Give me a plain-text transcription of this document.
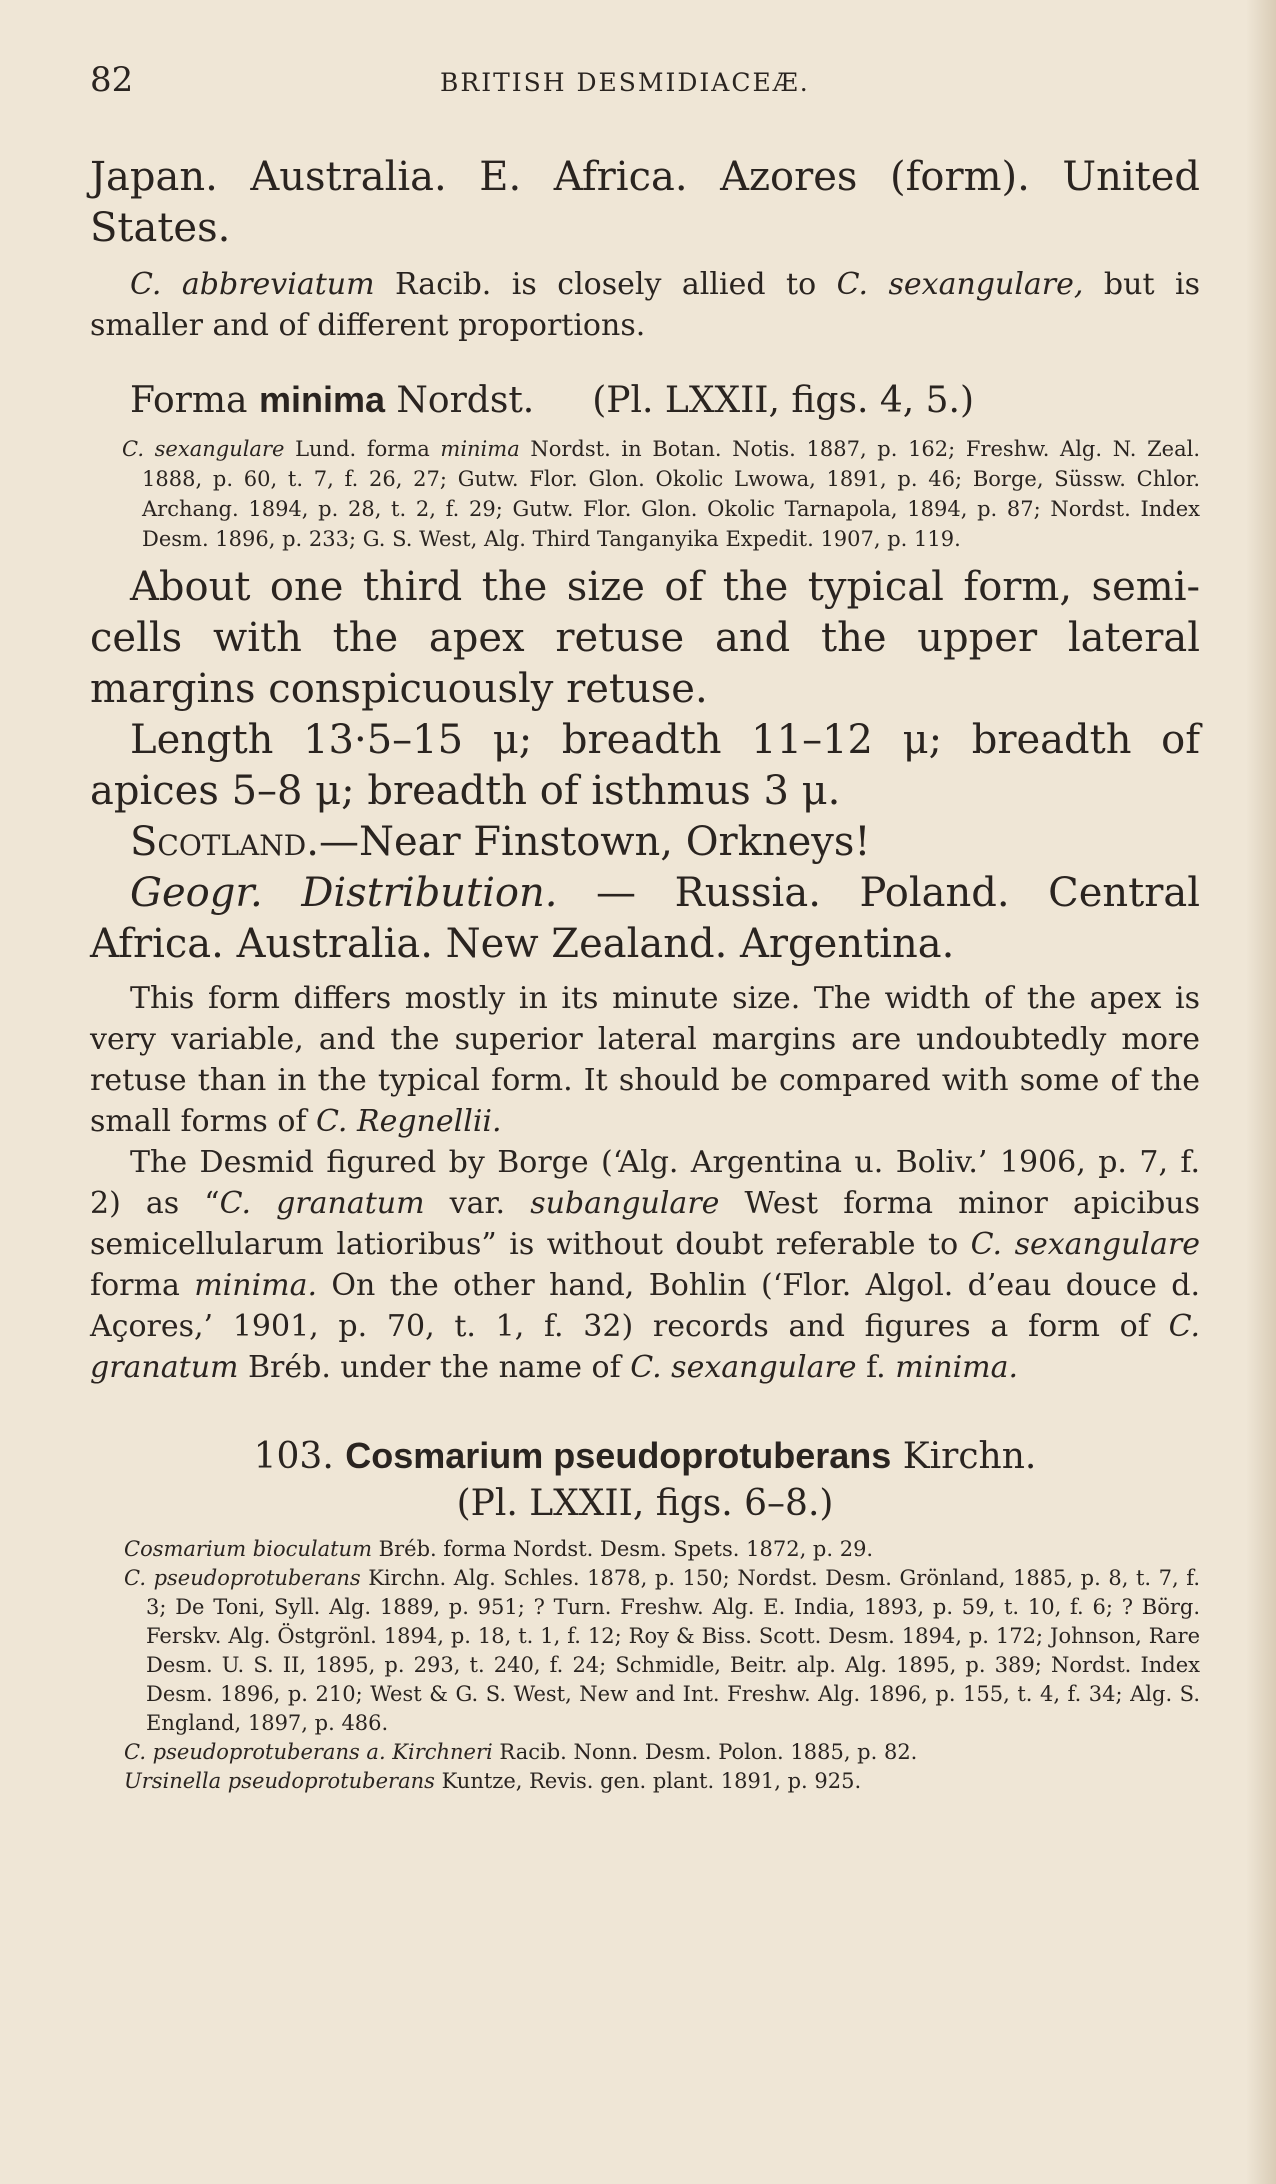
82	BRITISH DESMIDIACEÆ.

Japan. Australia. E. Africa. Azores (form). United States.

C. abbreviatum Racib. is closely allied to C. sexangulare, but is smaller and of different proportions.

Forma minima Nordst. (Pl. LXXII, figs. 4, 5.)

C. sexangulare Lund. forma minima Nordst. in Botan. Notis. 1887, p. 162; Freshw. Alg. N. Zeal. 1888, p. 60, t. 7, f. 26, 27; Gutw. Flor. Glon. Okolic Lwowa, 1891, p. 46; Borge, Süssw. Chlor. Archang. 1894, p. 28, t. 2, f. 29; Gutw. Flor. Glon. Okolic Tarnapola, 1894, p. 87; Nordst. Index Desm. 1896, p. 233; G. S. West, Alg. Third Tanganyika Expedit. 1907, p. 119.

About one third the size of the typical form, semi-cells with the apex retuse and the upper lateral margins conspicuously retuse.

Length 13·5–15 μ; breadth 11–12 μ; breadth of apices 5–8 μ; breadth of isthmus 3 μ.

Scotland.—Near Finstown, Orkneys!

Geogr. Distribution. — Russia. Poland. Central Africa. Australia. New Zealand. Argentina.

This form differs mostly in its minute size. The width of the apex is very variable, and the superior lateral margins are undoubtedly more retuse than in the typical form. It should be compared with some of the small forms of C. Regnellii.

The Desmid figured by Borge (‘Alg. Argentina u. Boliv.’ 1906, p. 7, f. 2) as “C. granatum var. subangulare West forma minor apicibus semicellularum latioribus” is without doubt referable to C. sexangulare forma minima. On the other hand, Bohlin (‘Flor. Algol. d’eau douce d. Açores,’ 1901, p. 70, t. 1, f. 32) records and figures a form of C. granatum Bréb. under the name of C. sexangulare f. minima.

103. Cosmarium pseudoprotuberans Kirchn.

(Pl. LXXII, figs. 6–8.)

Cosmarium bioculatum Bréb. forma Nordst. Desm. Spets. 1872, p. 29.

C. pseudoprotuberans Kirchn. Alg. Schles. 1878, p. 150; Nordst. Desm. Grönland, 1885, p. 8, t. 7, f. 3; De Toni, Syll. Alg. 1889, p. 951; ? Turn. Freshw. Alg. E. India, 1893, p. 59, t. 10, f. 6; ? Börg. Ferskv. Alg. Östgrönl. 1894, p. 18, t. 1, f. 12; Roy & Biss. Scott. Desm. 1894, p. 172; Johnson, Rare Desm. U. S. II, 1895, p. 293, t. 240, f. 24; Schmidle, Beitr. alp. Alg. 1895, p. 389; Nordst. Index Desm. 1896, p. 210; West & G. S. West, New and Int. Freshw. Alg. 1896, p. 155, t. 4, f. 34; Alg. S. England, 1897, p. 486.

C. pseudoprotuberans a. Kirchneri Racib. Nonn. Desm. Polon. 1885, p. 82.

Ursinella pseudoprotuberans Kuntze, Revis. gen. plant. 1891, p. 925.
